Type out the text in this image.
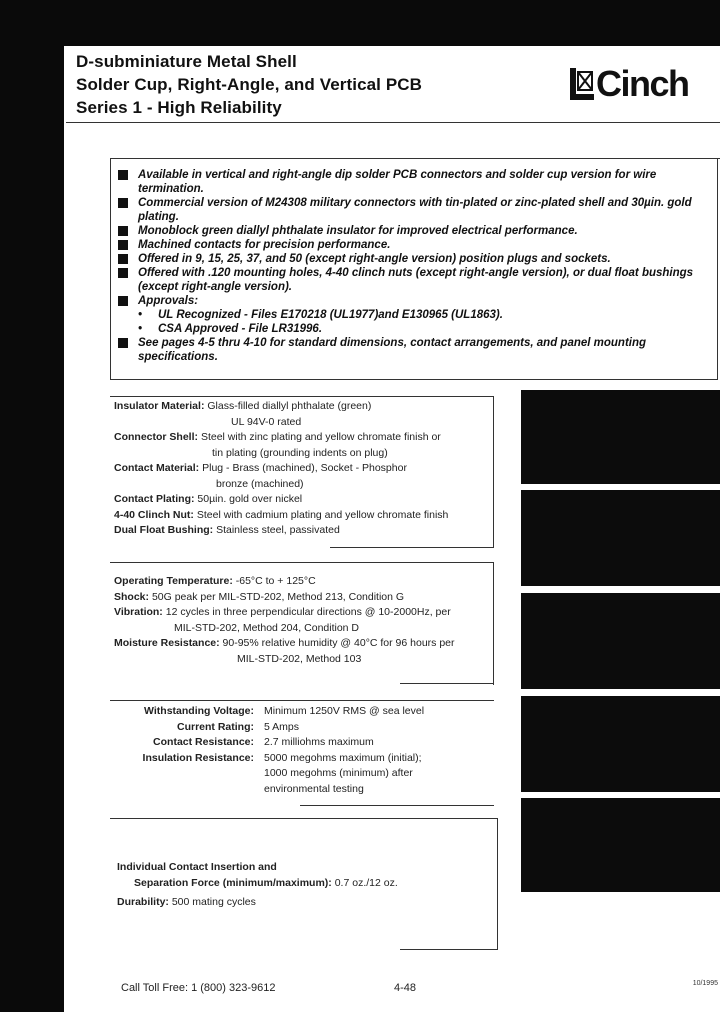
D-subminiature Metal Shell
Solder Cup, Right-Angle, and Vertical PCB
Series 1 - High Reliability
Cinch
Available in vertical and right-angle dip solder PCB connectors and solder cup version for wire termination.
Commercial version of M24308 military connectors with tin-plated or zinc-plated shell and 30µin. gold plating.
Monoblock green diallyl phthalate insulator for improved electrical performance.
Machined contacts for precision performance.
Offered in 9, 15, 25, 37, and 50 (except right-angle version) position plugs and sockets.
Offered with .120 mounting holes, 4-40 clinch nuts (except right-angle version), or dual float bushings (except right-angle version).
Approvals:
•	UL Recognized - Files E170218 (UL1977)and E130965 (UL1863).
•	CSA Approved - File LR31996.
See pages 4-5 thru 4-10 for standard dimensions, contact arrangements, and panel mounting specifications.
Insulator Material: Glass-filled diallyl phthalate (green)
UL 94V-0 rated
Connector Shell: Steel with zinc plating and yellow chromate finish or
tin plating (grounding indents on plug)
Contact Material: Plug - Brass (machined), Socket - Phosphor
bronze (machined)
Contact Plating: 50µin. gold over nickel
4-40 Clinch Nut: Steel with cadmium plating and yellow chromate finish
Dual Float Bushing: Stainless steel, passivated
Operating Temperature: -65°C to + 125°C
Shock: 50G peak per MIL-STD-202, Method 213, Condition G
Vibration: 12 cycles in three perpendicular directions @ 10-2000Hz, per
MIL-STD-202, Method 204, Condition D
Moisture Resistance: 90-95% relative humidity @ 40°C for 96 hours per
MIL-STD-202, Method 103
Withstanding Voltage: Minimum 1250V RMS @ sea level
Current Rating: 5 Amps
Contact Resistance: 2.7 milliohms maximum
Insulation Resistance: 5000 megohms maximum (initial);
1000 megohms (minimum) after
environmental testing
Individual Contact Insertion and
Separation Force (minimum/maximum): 0.7 oz./12 oz.
Durability: 500 mating cycles
Call Toll Free: 1 (800) 323-9612	4-48	10/1995
